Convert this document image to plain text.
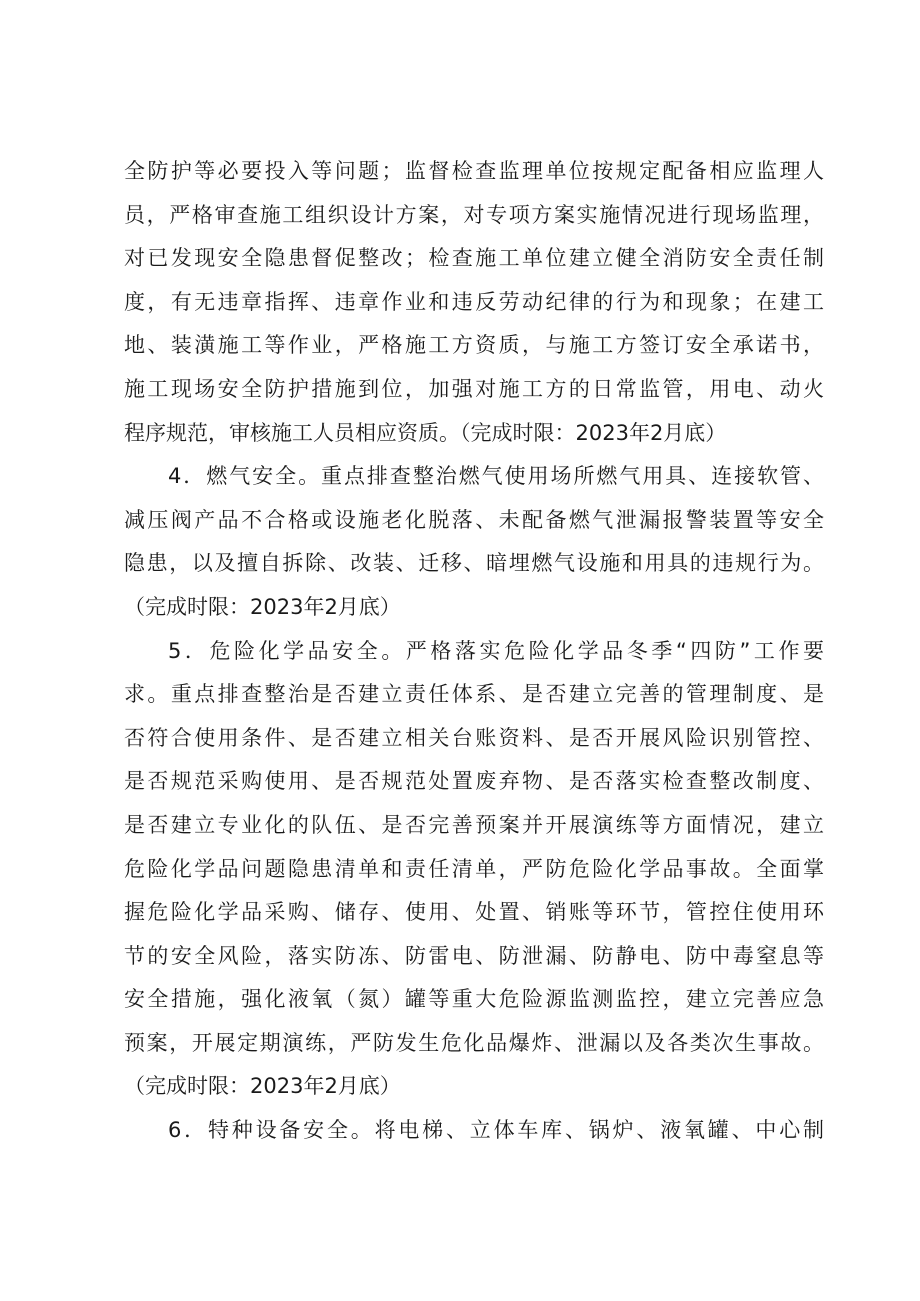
全防护等必要投入等问题；监督检查监理单位按规定配备相应监理人
员，严格审查施工组织设计方案，对专项方案实施情况进行现场监理，
对已发现安全隐患督促整改；检查施工单位建立健全消防安全责任制
度，有无违章指挥、违章作业和违反劳动纪律的行为和现象；在建工
地、装潢施工等作业，严格施工方资质，与施工方签订安全承诺书，
施工现场安全防护措施到位，加强对施工方的日常监管，用电、动火
程序规范，审核施工人员相应资质。（完成时限：2023年2月底）
4．燃气安全。重点排查整治燃气使用场所燃气用具、连接软管、
减压阀产品不合格或设施老化脱落、未配备燃气泄漏报警装置等安全
隐患，以及擅自拆除、改装、迁移、暗埋燃气设施和用具的违规行为。
（完成时限：2023年2月底）
5．危险化学品安全。严格落实危险化学品冬季“四防”工作要
求。重点排查整治是否建立责任体系、是否建立完善的管理制度、是
否符合使用条件、是否建立相关台账资料、是否开展风险识别管控、
是否规范采购使用、是否规范处置废弃物、是否落实检查整改制度、
是否建立专业化的队伍、是否完善预案并开展演练等方面情况，建立
危险化学品问题隐患清单和责任清单，严防危险化学品事故。全面掌
握危险化学品采购、储存、使用、处置、销账等环节，管控住使用环
节的安全风险，落实防冻、防雷电、防泄漏、防静电、防中毒窒息等
安全措施，强化液氧（氮）罐等重大危险源监测监控，建立完善应急
预案，开展定期演练，严防发生危化品爆炸、泄漏以及各类次生事故。
（完成时限：2023年2月底）
6．特种设备安全。将电梯、立体车库、锅炉、液氧罐、中心制
